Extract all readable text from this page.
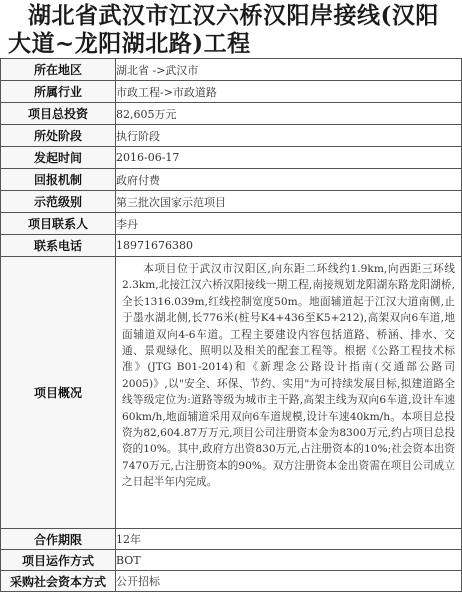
湖北省武汉市江汉六桥汉阳岸接线(汉阳
大道~龙阳湖北路)工程
所在地区	湖北省 ->武汉市
所属行业	市政工程->市政道路
项目总投资	82,605万元
所处阶段	执行阶段
发起时间	2016-06-17
回报机制	政府付费
示范级别	第三批次国家示范项目
项目联系人	李丹
联系电话	18971676380
项目概况	本项目位于武汉市汉阳区,向东距二环线约1.9km,向西距三环线2.3km,北接江汉六桥汉阳接线一期工程,南接规划龙阳湖东路龙阳湖桥,全长1316.039m,红线控制宽度50m。地面辅道起于江汉大道南侧,止于墨水湖北侧,长776米(桩号K4+436至K5+212),高架双向6车道,地面辅道双向4-6车道。工程主要建设内容包括道路、桥涵、排水、交通、景观绿化、照明以及相关的配套工程等。根据《公路工程技术标准》(JTG B01-2014)和《新理念公路设计指南(交通部公路司2005)》,以"安全、环保、节约、实用"为可持续发展目标,拟建道路全线等级定位为:道路等级为城市主干路,高架主线为双向6车道,设计车速60km/h,地面辅道采用双向6车道规模,设计车速40km/h。本项目总投资为82,604.87万万元,项目公司注册资本金为8300万元,约占项目总投资的10%。其中,政府方出资830万元,占注册资本的10%;社会资本出资7470万元,占注册资本的90%。双方注册资本金出资需在项目公司成立之日起半年内完成。

合作期限	12年
项目运作方式	BOT
采购社会资本方式	公开招标
